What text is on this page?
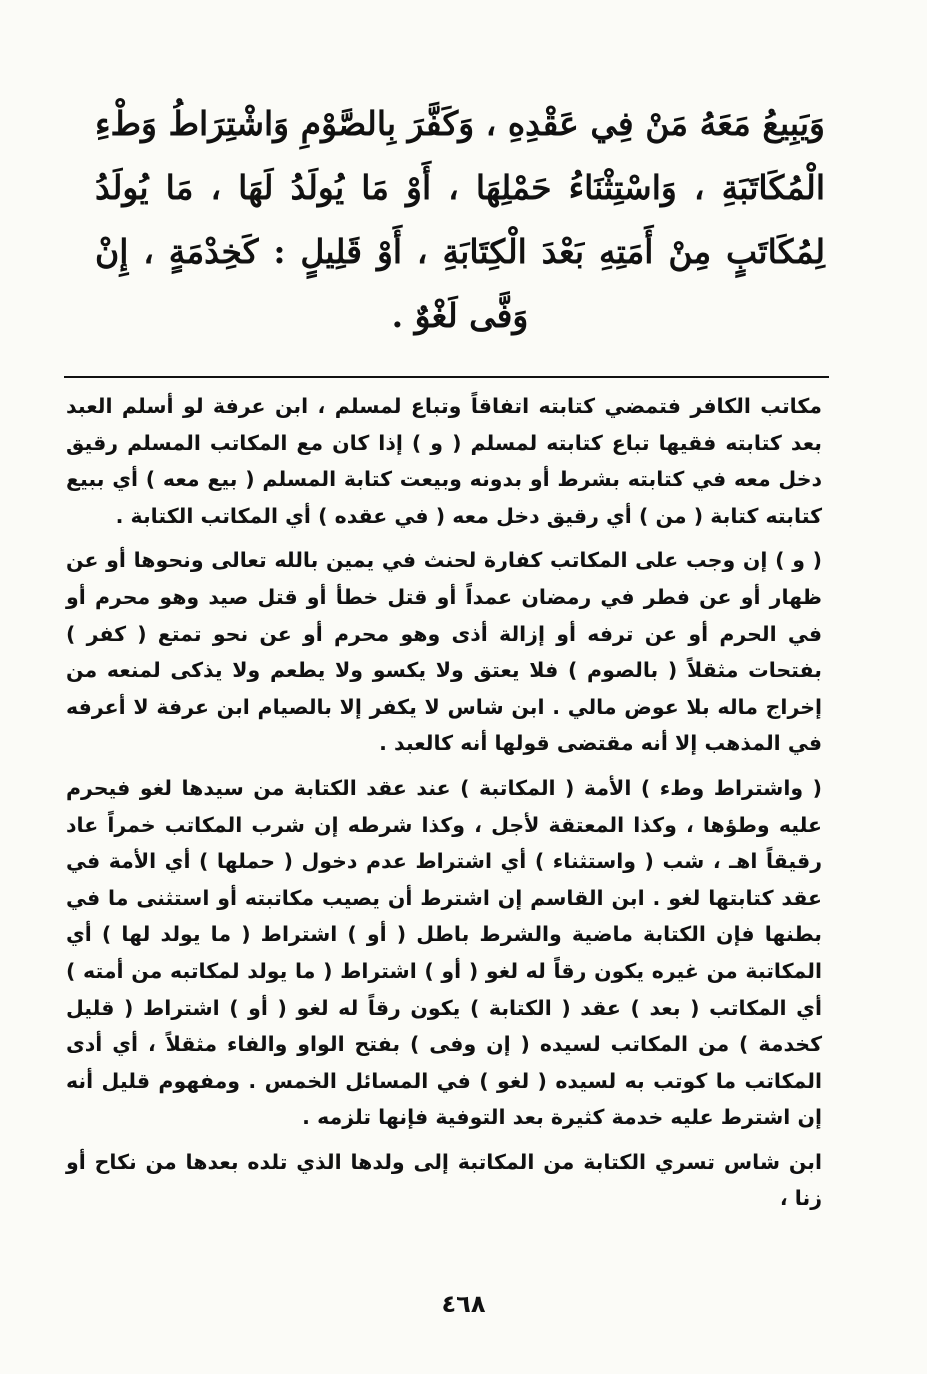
وَيَبِيعُ مَعَهُ مَنْ فِي عَقْدِهِ ، وَكَفَّرَ بِالصَّوْمِ وَاشْتِرَاطُ وَطْءِ الْمُكَاتَبَةِ ، وَاسْتِثْنَاءُ حَمْلِهَا ، أَوْ مَا يُولَدُ لَهَا ، مَا يُولَدُ لِمُكَاتَبٍ مِنْ أَمَتِهِ بَعْدَ الْكِتَابَةِ ، أَوْ قَلِيلٍ : كَخِدْمَةٍ ، إِنْ وَفَّى لَغْوٌ .

مكاتب الكافر فتمضي كتابته اتفاقاً وتباع لمسلم ، ابن عرفة لو أسلم العبد بعد كتابته فقيها تباع كتابته لمسلم ( و ) إذا كان مع المكاتب المسلم رقيق دخل معه في كتابته بشرط أو بدونه وبيعت كتابة المسلم ( بيع معه ) أي ببيع كتابته كتابة ( من ) أي رقيق دخل معه ( في عقده ) أي المكاتب الكتابة .

( و ) إن وجب على المكاتب كفارة لحنث في يمين بالله تعالى ونحوها أو عن ظهار أو عن فطر في رمضان عمداً أو قتل خطأ أو قتل صيد وهو محرم أو في الحرم أو عن ترفه أو إزالة أذى وهو محرم أو عن نحو تمتع ( كفر ) بفتحات مثقلاً ( بالصوم ) فلا يعتق ولا يكسو ولا يطعم ولا يذكى لمنعه من إخراج ماله بلا عوض مالي . ابن شاس لا يكفر إلا بالصيام ابن عرفة لا أعرفه في المذهب إلا أنه مقتضى قولها أنه كالعبد .

( واشتراط وطء ) الأمة ( المكاتبة ) عند عقد الكتابة من سيدها لغو فيحرم عليه وطؤها ، وكذا المعتقة لأجل ، وكذا شرطه إن شرب المكاتب خمراً عاد رقيقاً اهـ ، شب ( واستثناء ) أي اشتراط عدم دخول ( حملها ) أي الأمة في عقد كتابتها لغو . ابن القاسم إن اشترط أن يصيب مكاتبته أو استثنى ما في بطنها فإن الكتابة ماضية والشرط باطل ( أو ) اشتراط ( ما يولد لها ) أي المكاتبة من غيره يكون رقاً له لغو ( أو ) اشتراط ( ما يولد لمكاتبه من أمته ) أي المكاتب ( بعد ) عقد ( الكتابة ) يكون رقاً له لغو ( أو ) اشتراط ( قليل كخدمة ) من المكاتب لسيده ( إن وفى ) بفتح الواو والفاء مثقلاً ، أي أدى المكاتب ما كوتب به لسيده ( لغو ) في المسائل الخمس . ومفهوم قليل أنه إن اشترط عليه خدمة كثيرة بعد التوفية فإنها تلزمه .

ابن شاس تسري الكتابة من المكاتبة إلى ولدها الذي تلده بعدها من نكاح أو زنا ،

٤٦٨
